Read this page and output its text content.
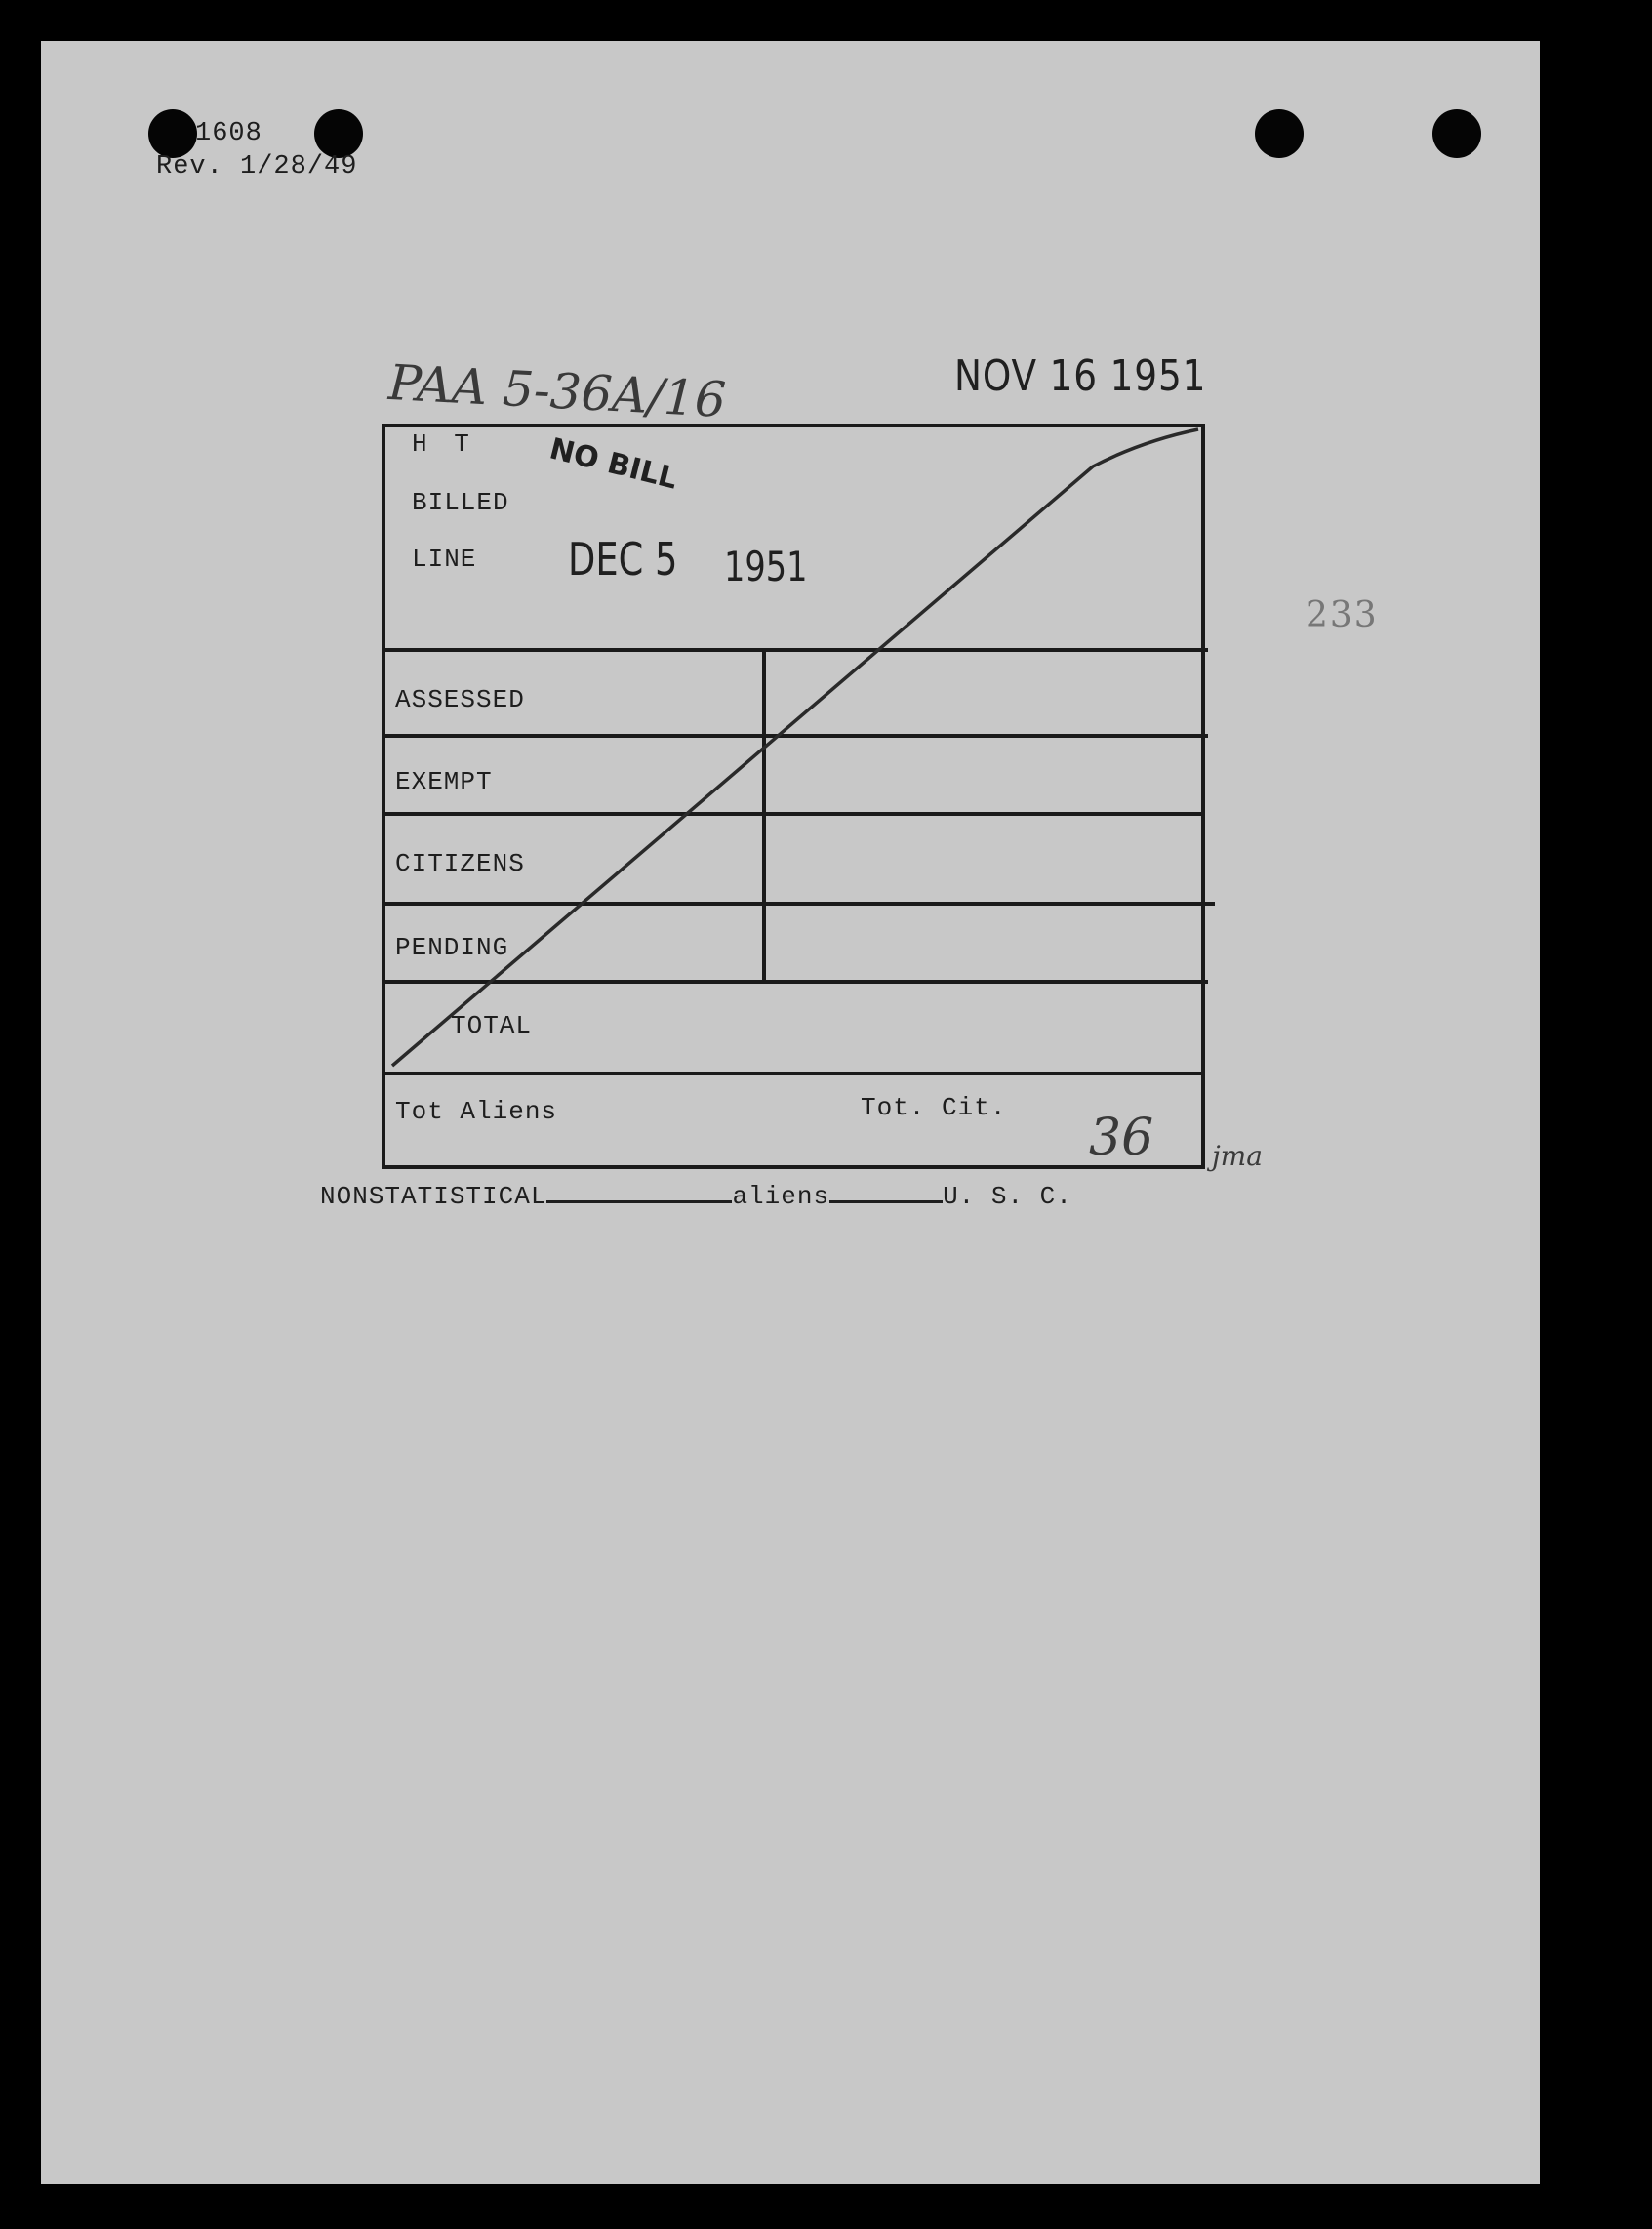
1608
Rev. 1/28/49
PAA 5-36A/16	NOV 16 1951
NO BILL
H T
BILLED
LINE DEC 5 1951
ASSESSED
EXEMPT
CITIZENS
PENDING
TOTAL
Tot Aliens	Tot. Cit.
36 jma
233
NONSTATISTICAL	aliens	U. S. C.
